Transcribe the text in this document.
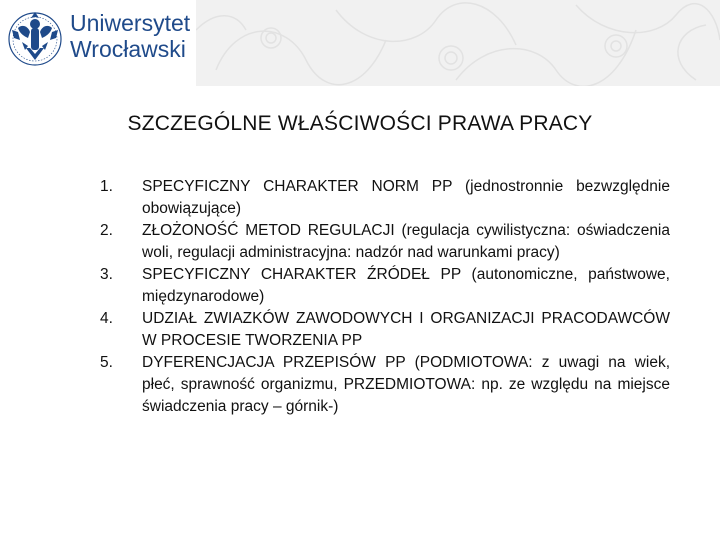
Uniwersytet
Wrocławski
SZCZEGÓLNE WŁAŚCIWOŚCI PRAWA PRACY
1.	SPECYFICZNY CHARAKTER NORM PP (jednostronnie bezwzględnie obowiązujące)
2.	ZŁOŻONOŚĆ METOD REGULACJI (regulacja cywilistyczna: oświadczenia woli, regulacji administracyjna: nadzór nad warunkami pracy)
3.	SPECYFICZNY CHARAKTER ŹRÓDEŁ PP (autonomiczne, państwowe, międzynarodowe)
4.	UDZIAŁ ZWIAZKÓW ZAWODOWYCH I ORGANIZACJI PRACODAWCÓW W PROCESIE TWORZENIA PP
5.	DYFERENCJACJA PRZEPISÓW PP (PODMIOTOWA: z uwagi na wiek, płeć, sprawność organizmu, PRZEDMIOTOWA: np. ze względu na miejsce świadczenia pracy – górnik-)
